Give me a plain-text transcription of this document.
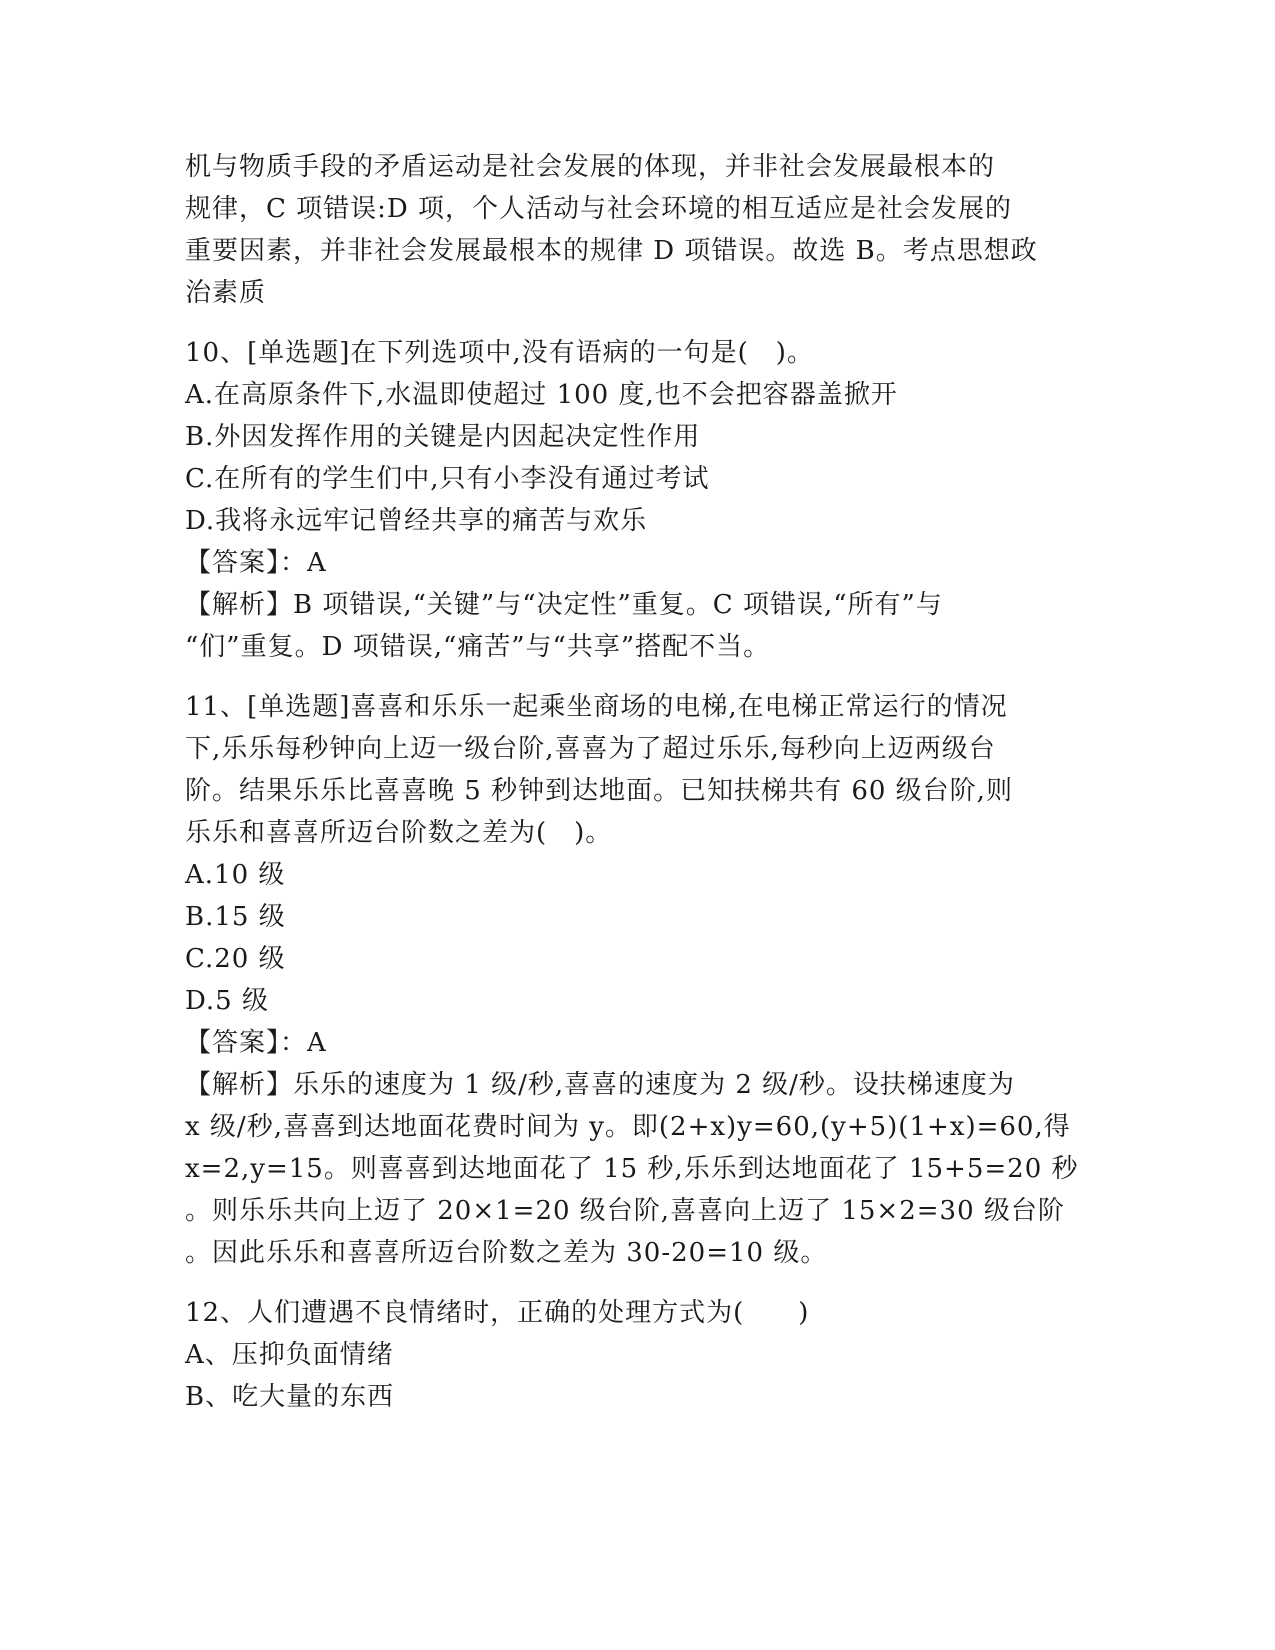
机与物质手段的矛盾运动是社会发展的体现，并非社会发展最根本的
规律，C 项错误:D 项，个人活动与社会环境的相互适应是社会发展的
重要因素，并非社会发展最根本的规律 D 项错误。故选 B。考点思想政
治素质
10、[单选题]在下列选项中,没有语病的一句是(　)。
A.在高原条件下,水温即使超过 100 度,也不会把容器盖掀开
B.外因发挥作用的关键是内因起决定性作用
C.在所有的学生们中,只有小李没有通过考试
D.我将永远牢记曾经共享的痛苦与欢乐
【答案】：A
【解析】B 项错误,“关键”与“决定性”重复。C 项错误,“所有”与
“们”重复。D 项错误,“痛苦”与“共享”搭配不当。
11、[单选题]喜喜和乐乐一起乘坐商场的电梯,在电梯正常运行的情况
下,乐乐每秒钟向上迈一级台阶,喜喜为了超过乐乐,每秒向上迈两级台
阶。结果乐乐比喜喜晚 5 秒钟到达地面。已知扶梯共有 60 级台阶,则
乐乐和喜喜所迈台阶数之差为(　)。
A.10 级
B.15 级
C.20 级
D.5 级
【答案】：A
【解析】乐乐的速度为 1 级/秒,喜喜的速度为 2 级/秒。设扶梯速度为
x 级/秒,喜喜到达地面花费时间为 y。即(2+x)y=60,(y+5)(1+x)=60,得
x=2,y=15。则喜喜到达地面花了 15 秒,乐乐到达地面花了 15+5=20 秒
。则乐乐共向上迈了 20×1=20 级台阶,喜喜向上迈了 15×2=30 级台阶
。因此乐乐和喜喜所迈台阶数之差为 30-20=10 级。
12、人们遭遇不良情绪时，正确的处理方式为(　　)
A、压抑负面情绪
B、吃大量的东西
